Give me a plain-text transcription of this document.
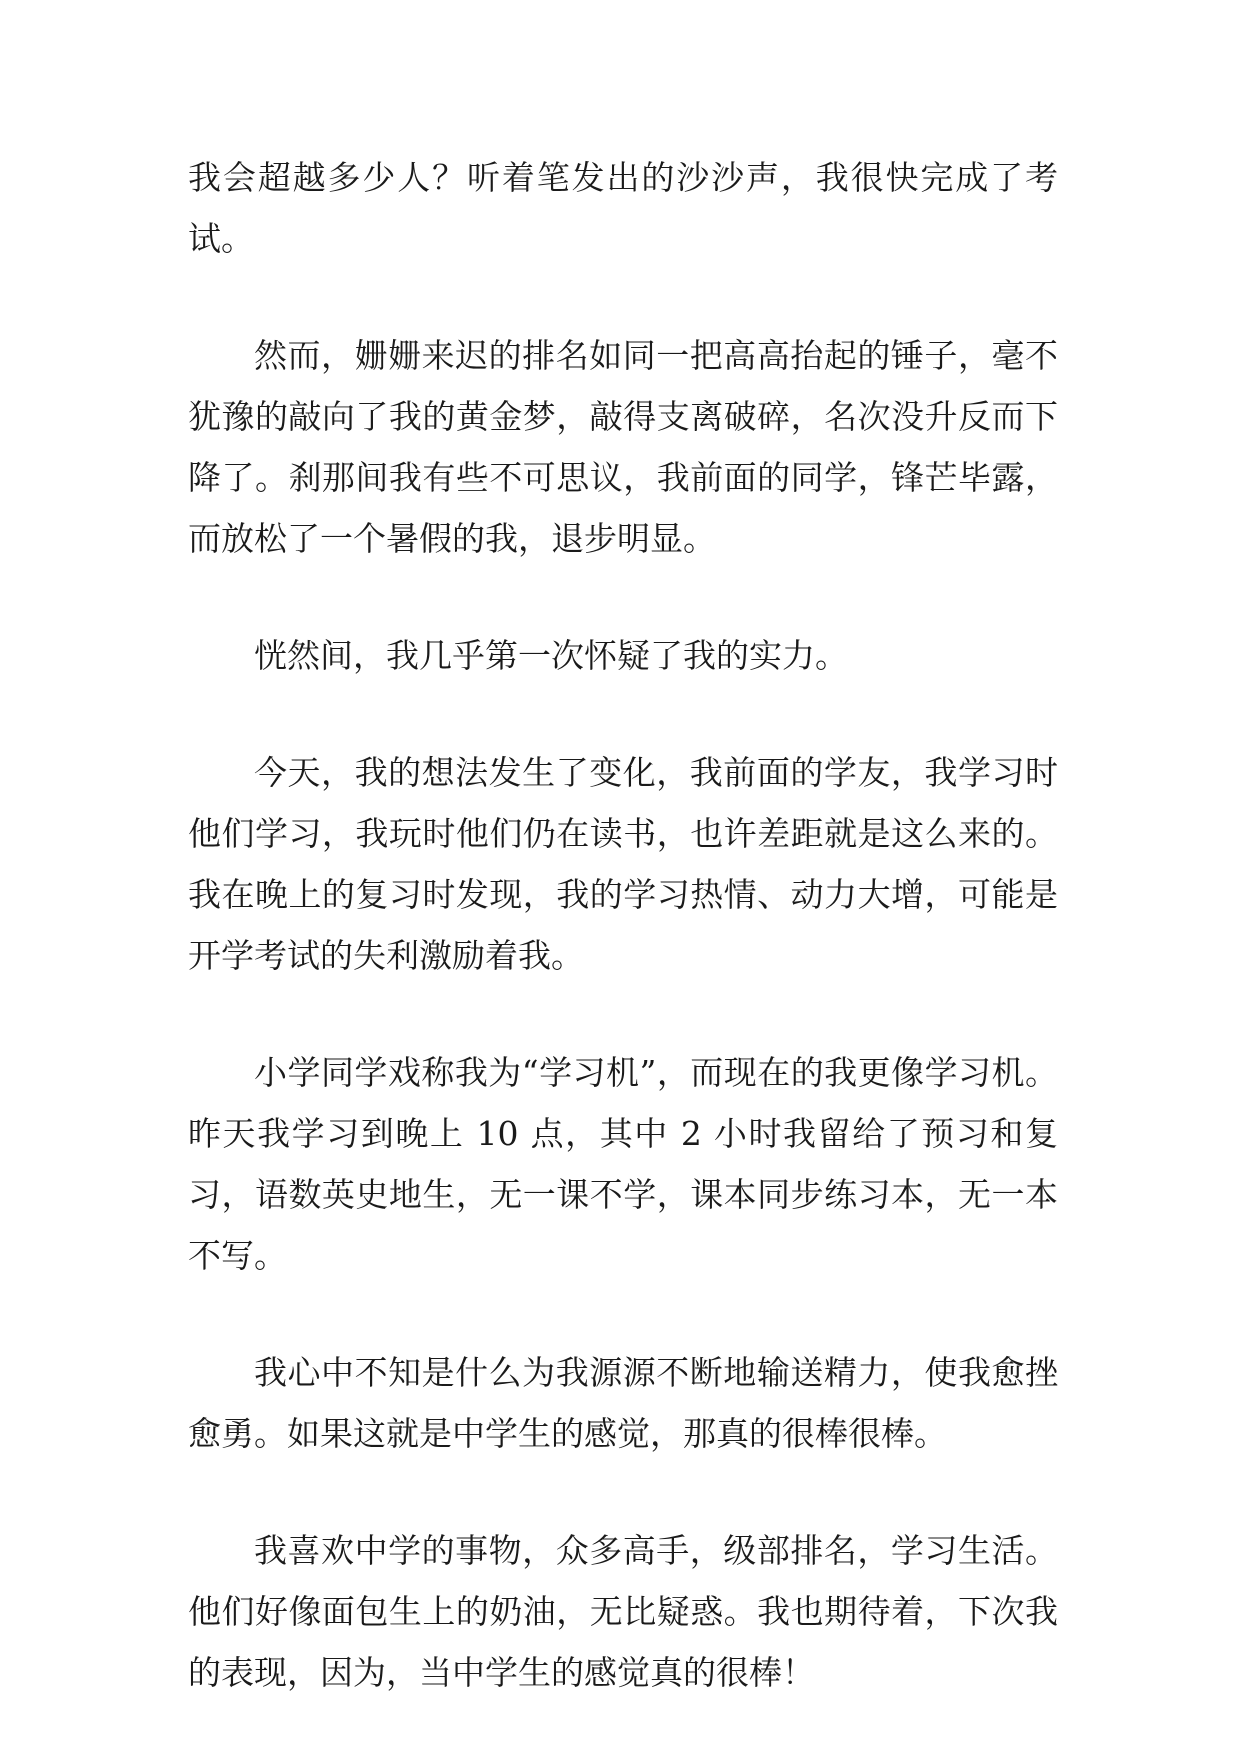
我会超越多少人？听着笔发出的沙沙声，我很快完成了考试。

然而，姗姗来迟的排名如同一把高高抬起的锤子，毫不犹豫的敲向了我的黄金梦，敲得支离破碎，名次没升反而下降了。刹那间我有些不可思议，我前面的同学，锋芒毕露，而放松了一个暑假的我，退步明显。

恍然间，我几乎第一次怀疑了我的实力。

今天，我的想法发生了变化，我前面的学友，我学习时他们学习，我玩时他们仍在读书，也许差距就是这么来的。我在晚上的复习时发现，我的学习热情、动力大增，可能是开学考试的失利激励着我。

小学同学戏称我为“学习机”，而现在的我更像学习机。昨天我学习到晚上 10 点，其中 2 小时我留给了预习和复习，语数英史地生，无一课不学，课本同步练习本，无一本不写。

我心中不知是什么为我源源不断地输送精力，使我愈挫愈勇。如果这就是中学生的感觉，那真的很棒很棒。

我喜欢中学的事物，众多高手，级部排名，学习生活。他们好像面包生上的奶油，无比疑惑。我也期待着，下次我的表现，因为，当中学生的感觉真的很棒！
